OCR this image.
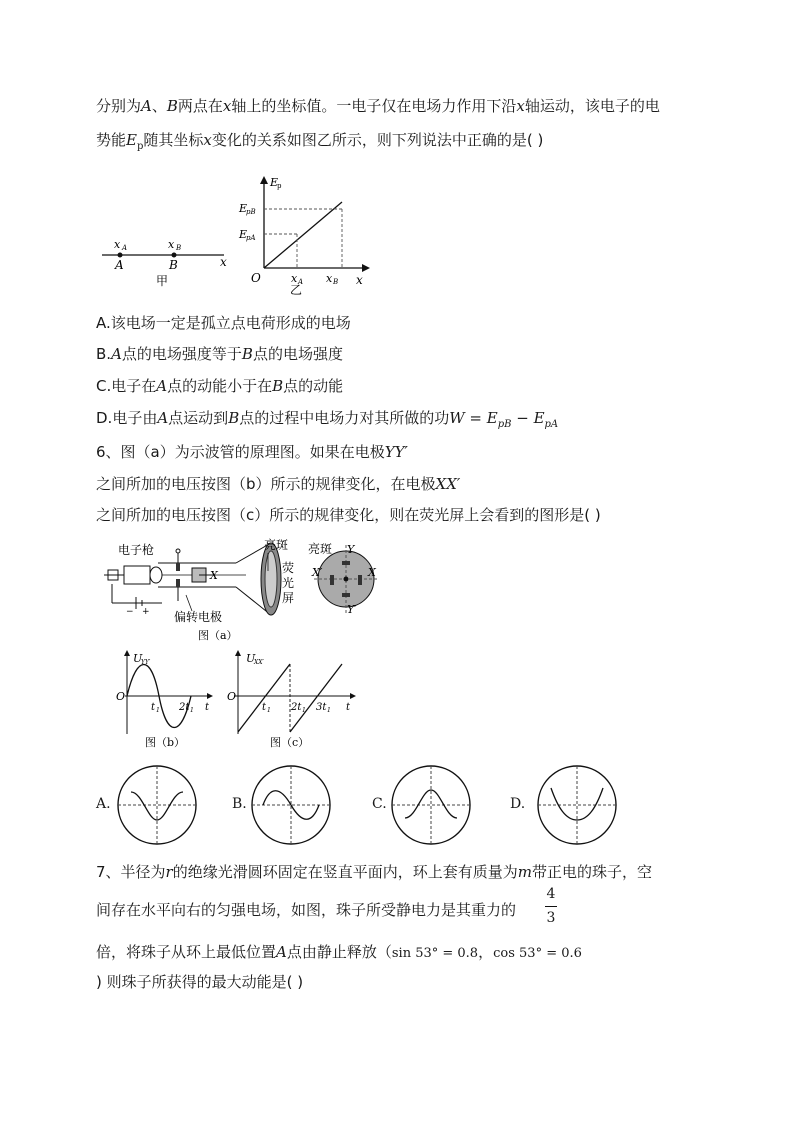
分别为A、B两点在x轴上的坐标值。一电子仅在电场力作用下沿x轴运动，该电子的电
势能$E_p$随其坐标x变化的关系如图乙所示，则下列说法中正确的是( )
x A	x B
A	B	x
甲
E
p
E
pB
E
pA
O	x A x B x
乙
A.该电场一定是孤立点电荷形成的电场
B.A点的电场强度等于B点的电场强度
C.电子在A点的动能小于在B点的动能
D.电子由A点运动到B点的过程中电场力对其所做的功$W = E_{pB} - E_{pA}$
6、图（a）为示波管的原理图。如果在电极YY′
之间所加的电压按图（b）所示的规律变化，在电极XX′
之间所加的电压按图（c）所示的规律变化，则在荧光屏上会看到的图形是( )
电子枪
− +
X
偏转电极
亮斑
荧
光
屏
亮斑 Y
Y′
X′	X
图（a）
U
YY′
O
t 1 2t 1 t
图（b）
U
XX′
O
t 1 2t 1 3t 1 t
图（c）
A.	B.	C.	D.
7、半径为r的绝缘光滑圆环固定在竖直平面内，环上套有质量为m带正电的珠子，空
间存在水平向右的匀强电场，如图，珠子所受静电力是其重力的
4
3
倍，将珠子从环上最低位置A点由静止释放（sin 53° = 0.8，cos 53° = 0.6
) 则珠子所获得的最大动能是( )
